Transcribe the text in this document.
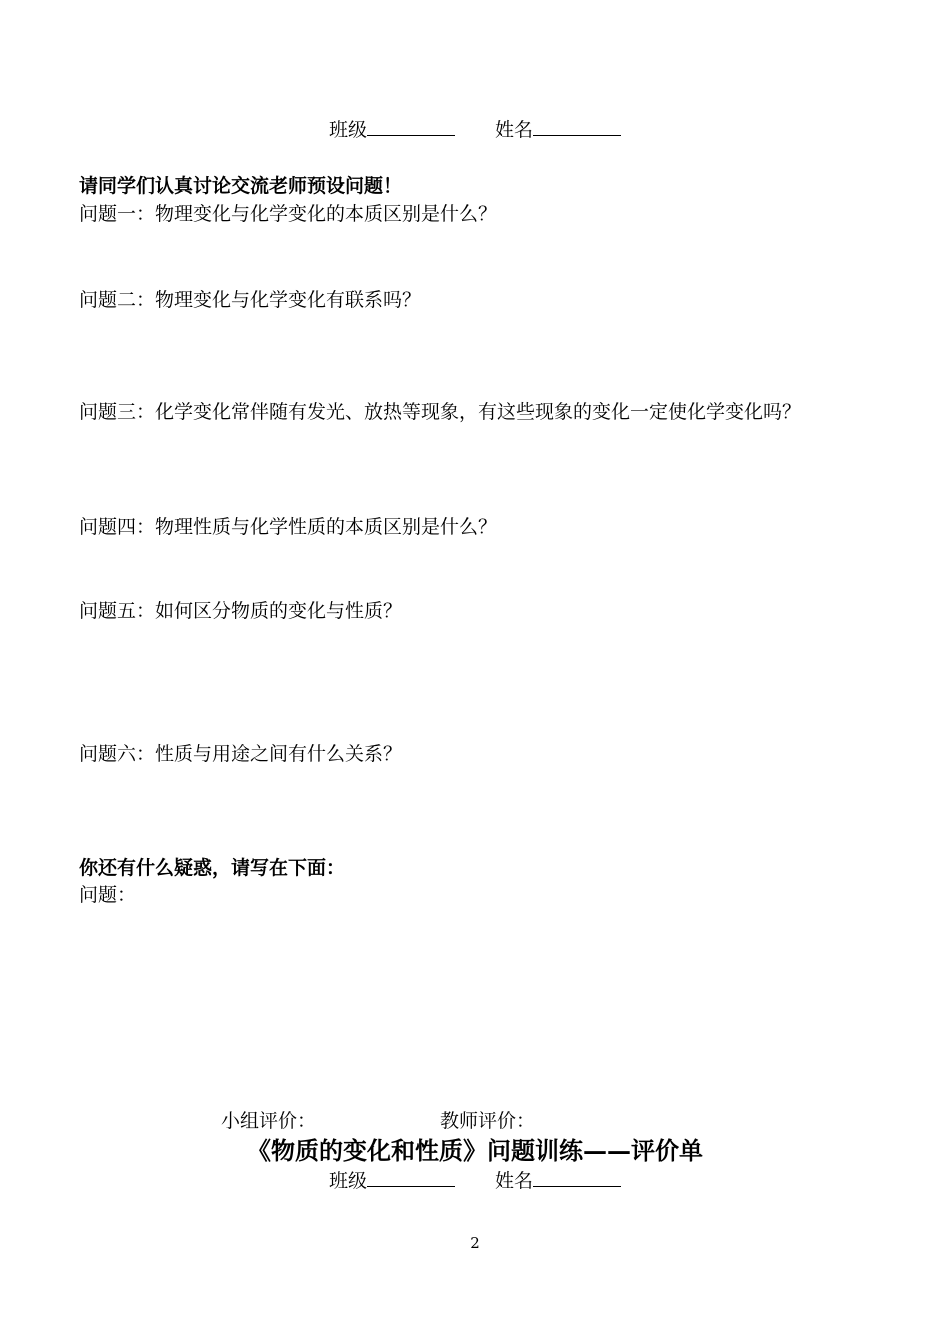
班级	姓名
请同学们认真讨论交流老师预设问题！
问题一：物理变化与化学变化的本质区别是什么？
问题二：物理变化与化学变化有联系吗？
问题三：化学变化常伴随有发光、放热等现象，有这些现象的变化一定使化学变化吗？
问题四：物理性质与化学性质的本质区别是什么？
问题五：如何区分物质的变化与性质？
问题六：性质与用途之间有什么关系？
你还有什么疑惑，请写在下面：
问题：
小组评价：	教师评价：
《物质的变化和性质》问题训练——评价单
班级	姓名
2
